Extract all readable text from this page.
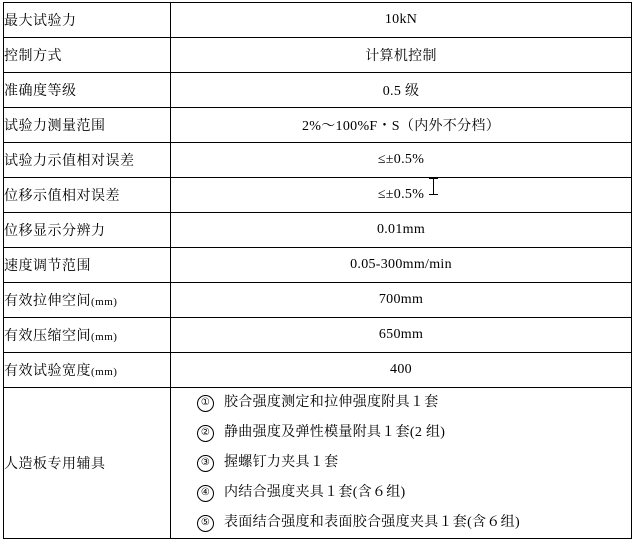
最大试验力	10kN
控制方式	计算机控制
准确度等级	0.5 级
试验力测量范围	2%～100%F・S（内外不分档）
试验力示值相对误差	≤±0.5%
位移示值相对误差	≤±0.5%
位移显示分辨力	0.01mm
速度调节范围	0.05-300mm/min
有效拉伸空间(mm)	700mm
有效压缩空间(mm)	650mm
有效试验宽度(mm)	400
人造板专用辅具	
① 胶合强度测定和拉伸强度附具１套
② 静曲强度及弹性模量附具１套(2 组)
③ 握螺钉力夹具１套
④ 内结合强度夹具１套(含６组)
⑤ 表面结合强度和表面胶合强度夹具１套(含６组)
